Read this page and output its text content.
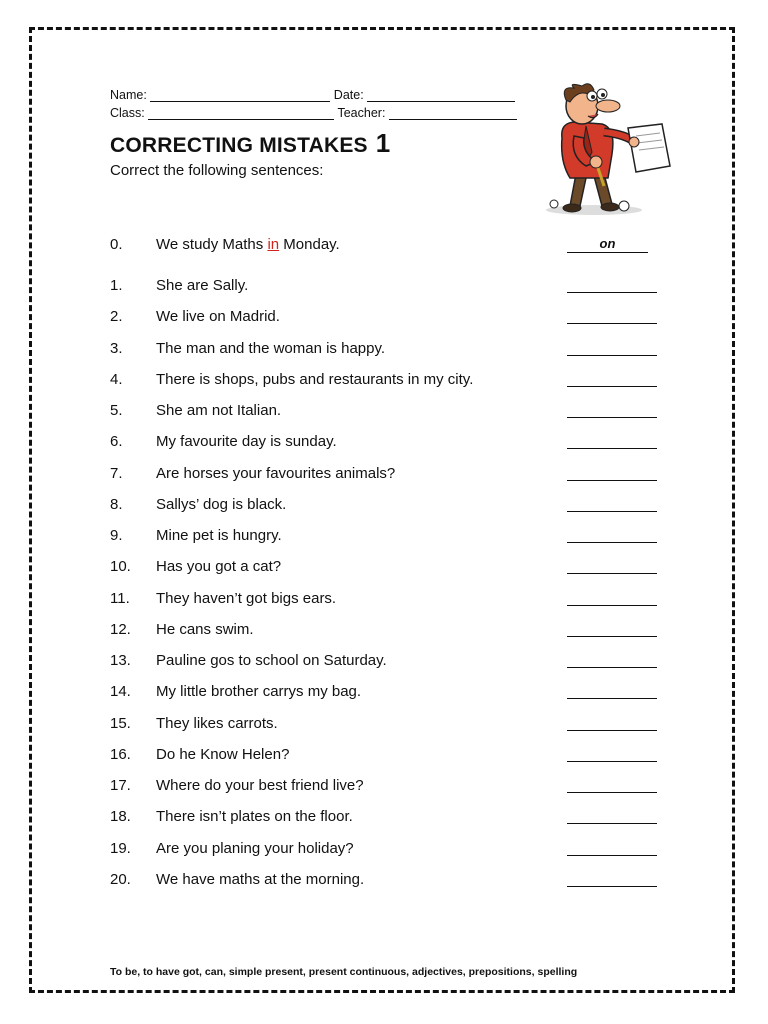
Name:	Date:
Class:	Teacher:
CORRECTING MISTAKES 1
Correct the following sentences:
0. We study Maths in Monday.	on
1. She are Sally.
2. We live on Madrid.
3. The man and the woman is happy.
4. There is shops, pubs and restaurants in my city.
5. She am not Italian.
6. My favourite day is sunday.
7. Are horses your favourites animals?
8. Sallys’ dog is black.
9. Mine pet is hungry.
10. Has you got a cat?
11. They haven’t got bigs ears.
12. He cans swim.
13. Pauline gos to school on Saturday.
14. My little brother carrys my bag.
15. They likes carrots.
16. Do he Know Helen?
17. Where do your best friend live?
18. There isn’t plates on the floor.
19. Are you planing your holiday?
20. We have maths at the morning.
To be, to have got, can, simple present, present continuous, adjectives, prepositions, spelling
